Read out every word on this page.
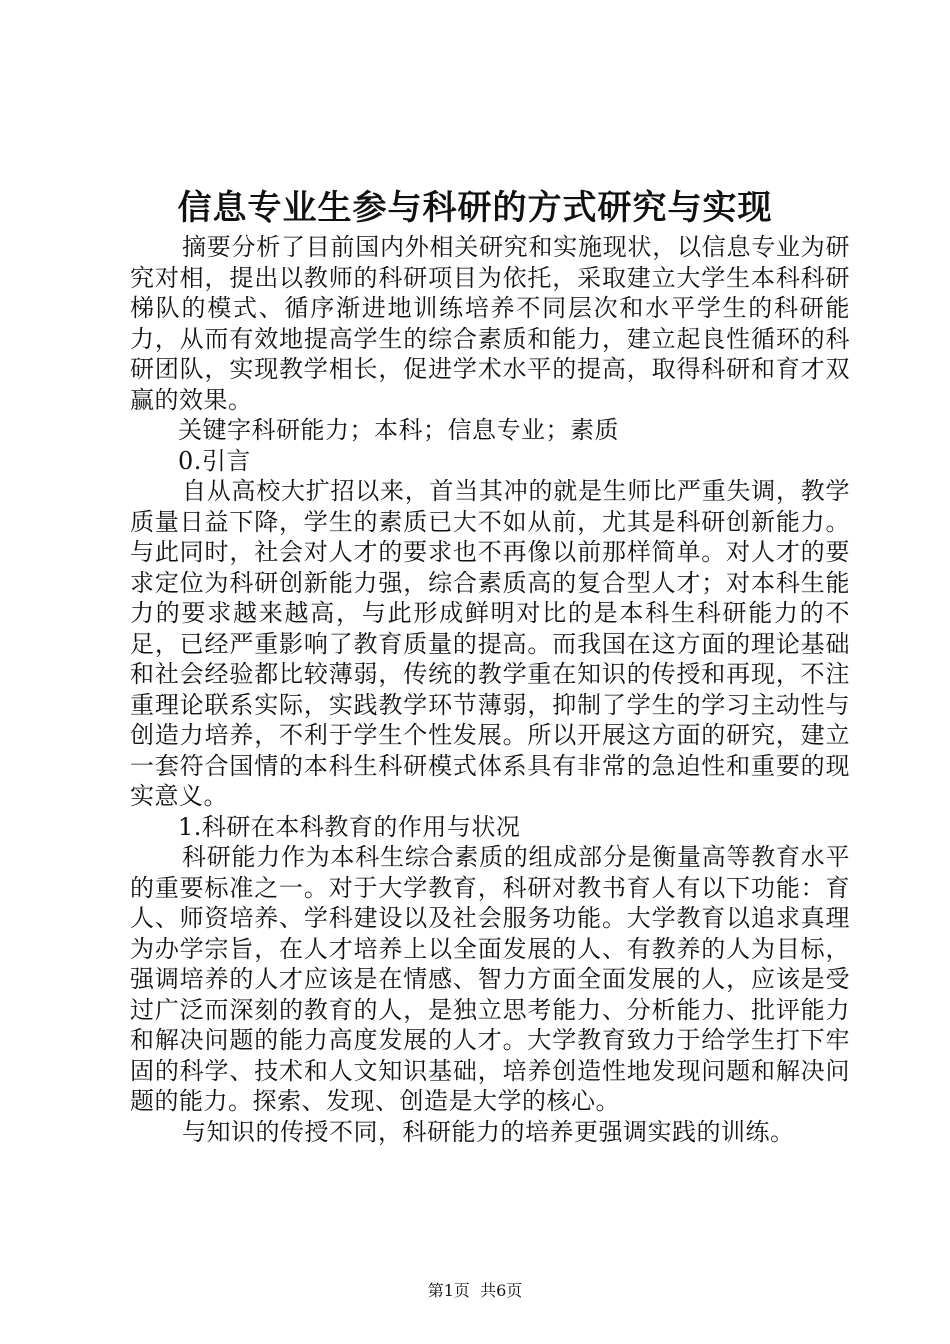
信息专业生参与科研的方式研究与实现

摘要分析了目前国内外相关研究和实施现状，以信息专业为研究对相，提出以教师的科研项目为依托，采取建立大学生本科科研梯队的模式、循序渐进地训练培养不同层次和水平学生的科研能力，从而有效地提高学生的综合素质和能力，建立起良性循环的科研团队，实现教学相长，促进学术水平的提高，取得科研和育才双赢的效果。

关键字科研能力；本科；信息专业；素质

0.引言

自从高校大扩招以来，首当其冲的就是生师比严重失调，教学质量日益下降，学生的素质已大不如从前，尤其是科研创新能力。与此同时，社会对人才的要求也不再像以前那样简单。对人才的要求定位为科研创新能力强，综合素质高的复合型人才；对本科生能力的要求越来越高，与此形成鲜明对比的是本科生科研能力的不足，已经严重影响了教育质量的提高。而我国在这方面的理论基础和社会经验都比较薄弱，传统的教学重在知识的传授和再现，不注重理论联系实际，实践教学环节薄弱，抑制了学生的学习主动性与创造力培养，不利于学生个性发展。所以开展这方面的研究，建立一套符合国情的本科生科研模式体系具有非常的急迫性和重要的现实意义。

1.科研在本科教育的作用与状况

科研能力作为本科生综合素质的组成部分是衡量高等教育水平的重要标准之一。对于大学教育，科研对教书育人有以下功能：育人、师资培养、学科建设以及社会服务功能。大学教育以追求真理为办学宗旨，在人才培养上以全面发展的人、有教养的人为目标，强调培养的人才应该是在情感、智力方面全面发展的人，应该是受过广泛而深刻的教育的人，是独立思考能力、分析能力、批评能力和解决问题的能力高度发展的人才。大学教育致力于给学生打下牢固的科学、技术和人文知识基础，培养创造性地发现问题和解决问题的能力。探索、发现、创造是大学的核心。

与知识的传授不同，科研能力的培养更强调实践的训练。

第1页 共6页
